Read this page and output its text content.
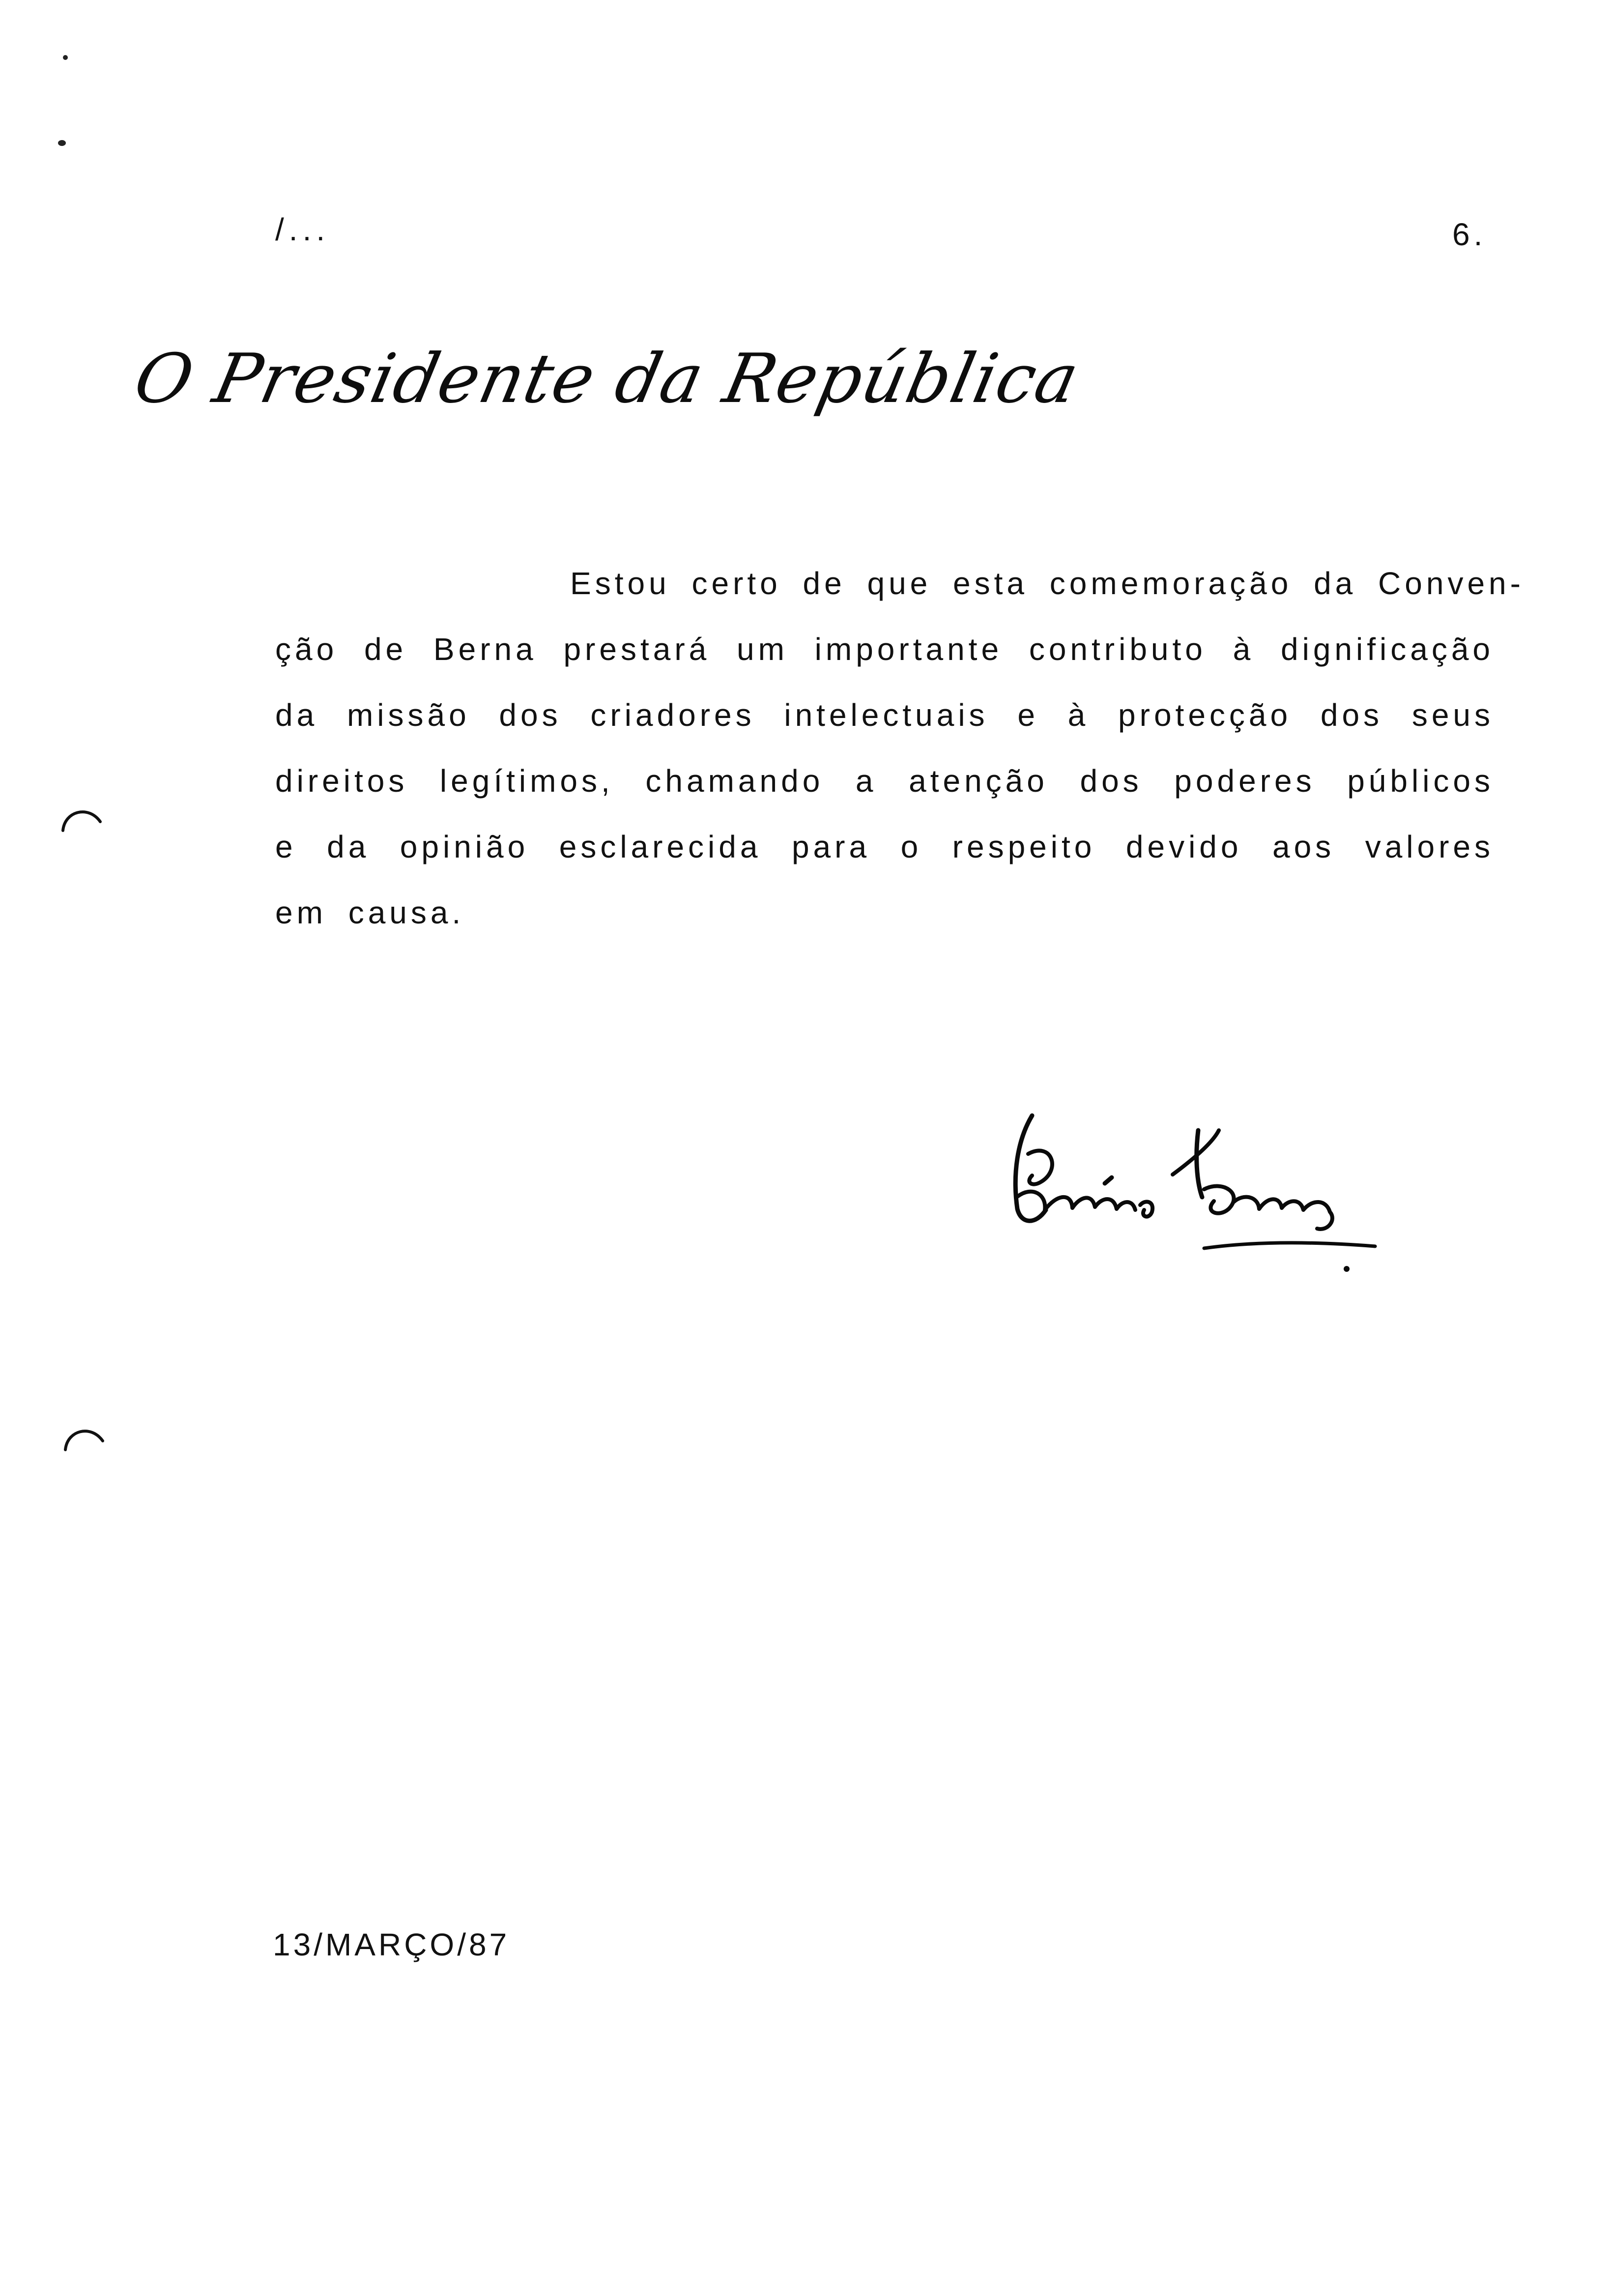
/...	6.
O Presidente da República
Estou certo de que esta comemoração da Conven-
ção de Berna prestará um importante contributo à dignificação
da missão dos criadores intelectuais e à protecção dos seus
direitos legítimos, chamando a atenção dos poderes públicos
e da opinião esclarecida para o respeito devido aos valores
em causa.
13/MARÇO/87
